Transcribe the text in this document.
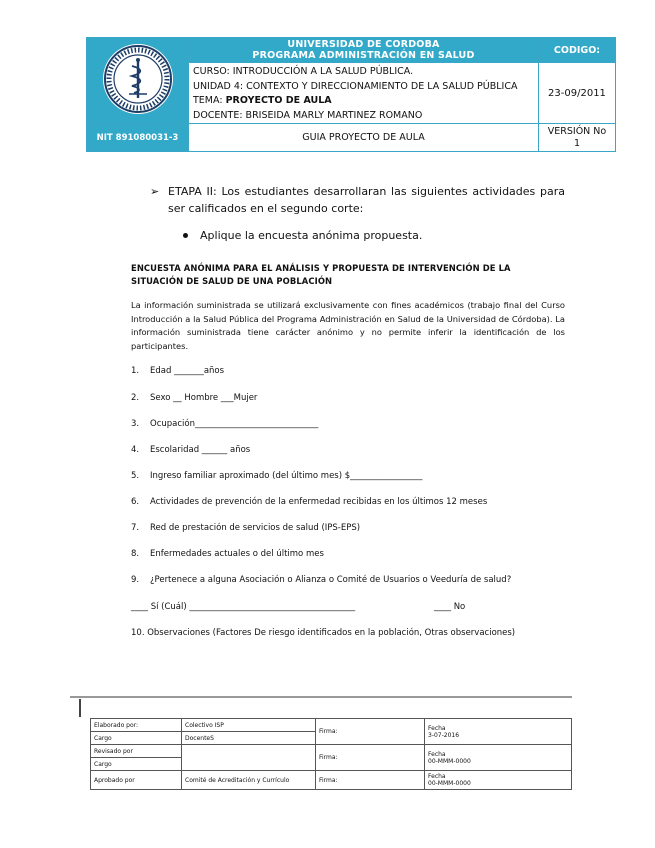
UNIVERSIDAD DE CORDOBA
PROGRAMA ADMINISTRACIÓN EN SALUD	CODIGO:

	CURSO: INTRODUCCIÓN A LA SALUD PÚBLICA.
UNIDAD 4: CONTEXTO Y DIRECCIONAMIENTO DE LA SALUD PÚBLICA
TEMA: PROYECTO DE AULA
DOCENTE: BRISEIDA MARLY MARTINEZ ROMANO	23-09/2011
NIT 891080031-3	GUIA PROYECTO DE AULA	VERSIÓN No
1
➢ ETAPA II: Los estudiantes desarrollaran las siguientes actividades para ser calificados en el segundo corte:
Aplique la encuesta anónima propuesta.
ENCUESTA ANÓNIMA PARA EL ANÁLISIS Y PROPUESTA DE INTERVENCIÓN DE LA SITUACIÓN DE SALUD DE UNA POBLACIÓN
La información suministrada se utilizará exclusivamente con fines académicos (trabajo final del Curso Introducción a la Salud Pública del Programa Administración en Salud de la Universidad de Córdoba). La información suministrada tiene carácter anónimo y no permite inferir la identificación de los participantes.
1. Edad _______años
2. Sexo __ Hombre ___Mujer
3. Ocupación_____________________________
4. Escolaridad ______ años
5. Ingreso familiar aproximado (del último mes) $_________________
6. Actividades de prevención de la enfermedad recibidas en los últimos 12 meses
7. Red de prestación de servicios de salud (IPS-EPS)
8. Enfermedades actuales o del último mes
9. ¿Pertenece a alguna Asociación o Alianza o Comité de Usuarios o Veeduría de salud?
____ Sí (Cuál) _______________________________________	____ No
10. Observaciones (Factores De riesgo identificados en la población, Otras observaciones)
Elaborado por:	Colectivo ISP	Firma:	Fecha
3-07-2016

Cargo	DocenteS		
Revisado por		Firma:	Fecha
00-MMM-0000

Cargo			
Aprobado por	Comité de Acreditación y Currículo	Firma:	Fecha
00-MMM-0000
